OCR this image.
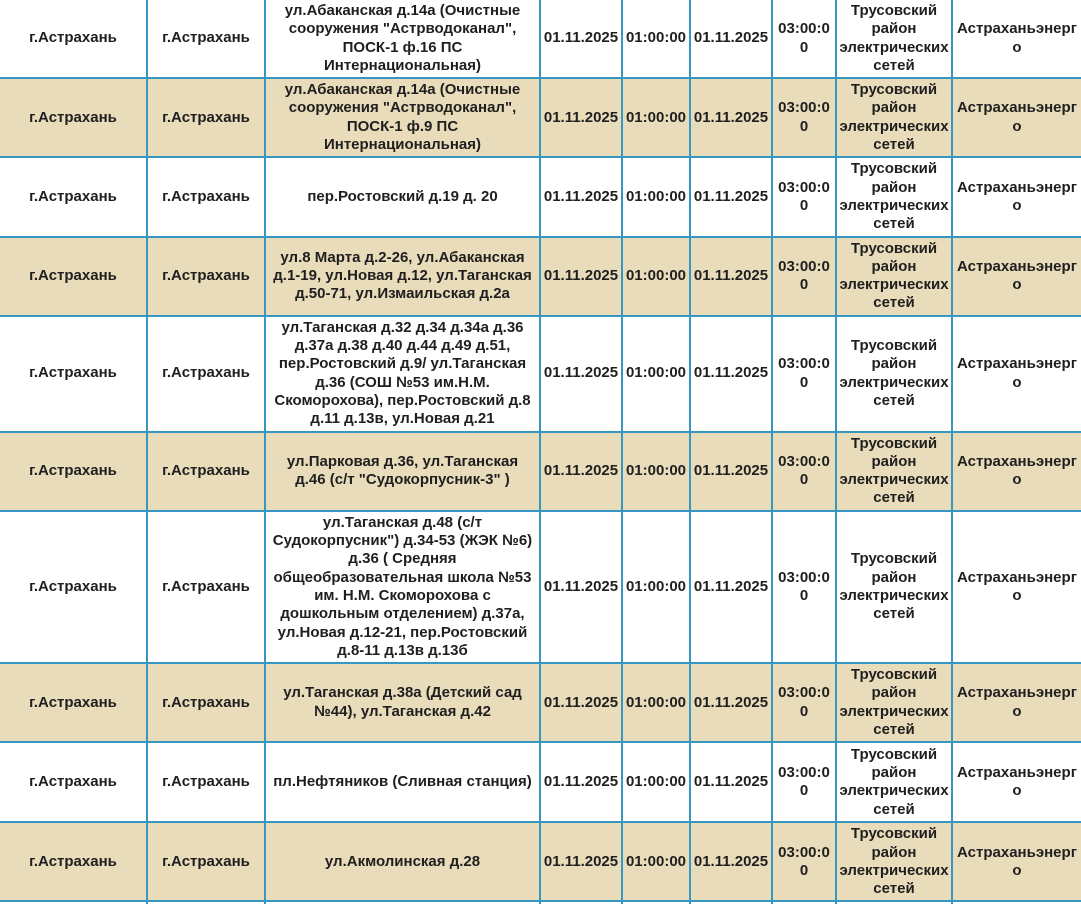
г.Астрахань	г.Астрахань	ул.Абаканская д.14а (Очистные сооружения "Астрводоканал", ПОСК-1 ф.16 ПС Интернациональная)	01.11.2025	01:00:00	01.11.2025	03:00:00	Трусовский район электрических сетей	Астраханьэнерго
г.Астрахань	г.Астрахань	ул.Абаканская д.14а (Очистные сооружения "Астрводоканал", ПОСК-1 ф.9 ПС Интернациональная)	01.11.2025	01:00:00	01.11.2025	03:00:00	Трусовский район электрических сетей	Астраханьэнерго
г.Астрахань	г.Астрахань	пер.Ростовский д.19 д. 20	01.11.2025	01:00:00	01.11.2025	03:00:00	Трусовский район электрических сетей	Астраханьэнерго
г.Астрахань	г.Астрахань	ул.8 Марта д.2-26, ул.Абаканская д.1-19, ул.Новая д.12, ул.Таганская д.50-71, ул.Измаильская д.2а	01.11.2025	01:00:00	01.11.2025	03:00:00	Трусовский район электрических сетей	Астраханьэнерго
г.Астрахань	г.Астрахань	ул.Таганская д.32 д.34 д.34а д.36 д.37а д.38 д.40 д.44 д.49 д.51, пер.Ростовский д.9/ ул.Таганская д.36 (СОШ №53 им.Н.М. Скоморохова), пер.Ростовский д.8 д.11 д.13в, ул.Новая д.21	01.11.2025	01:00:00	01.11.2025	03:00:00	Трусовский район электрических сетей	Астраханьэнерго
г.Астрахань	г.Астрахань	ул.Парковая д.36, ул.Таганская д.46 (с/т "Судокорпусник-3" )	01.11.2025	01:00:00	01.11.2025	03:00:00	Трусовский район электрических сетей	Астраханьэнерго
г.Астрахань	г.Астрахань	ул.Таганская д.48 (с/т Судокорпусник") д.34-53 (ЖЭК №6) д.36 ( Средняя общеобразовательная школа №53 им. Н.М. Скоморохова с дошкольным отделением) д.37а, ул.Новая д.12-21, пер.Ростовский д.8-11 д.13в д.13б	01.11.2025	01:00:00	01.11.2025	03:00:00	Трусовский район электрических сетей	Астраханьэнерго
г.Астрахань	г.Астрахань	ул.Таганская д.38а (Детский сад №44), ул.Таганская д.42	01.11.2025	01:00:00	01.11.2025	03:00:00	Трусовский район электрических сетей	Астраханьэнерго
г.Астрахань	г.Астрахань	пл.Нефтяников (Сливная станция)	01.11.2025	01:00:00	01.11.2025	03:00:00	Трусовский район электрических сетей	Астраханьэнерго
г.Астрахань	г.Астрахань	ул.Акмолинская д.28	01.11.2025	01:00:00	01.11.2025	03:00:00	Трусовский район электрических сетей	Астраханьэнерго
